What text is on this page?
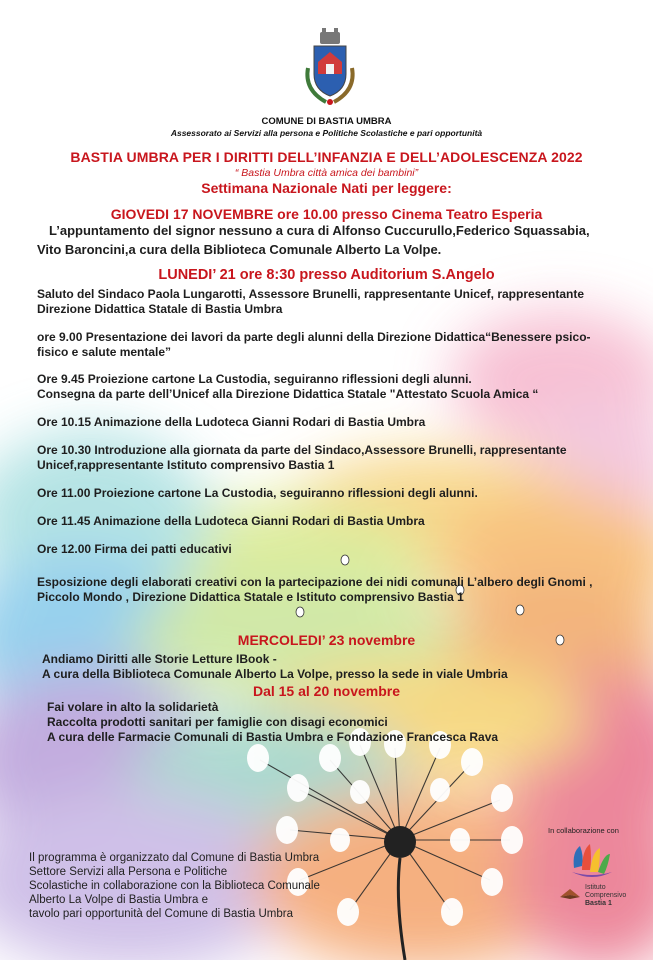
COMUNE DI BASTIA UMBRA
Assessorato ai Servizi alla persona e Politiche Scolastiche e pari opportunità
BASTIA UMBRA PER I DIRITTI DELL’INFANZIA E DELL’ADOLESCENZA 2022
“ Bastia Umbra città amica dei bambini”
Settimana Nazionale Nati per leggere:
GIOVEDI 17 NOVEMBRE ore 10.00 presso Cinema Teatro Esperia
L’appuntamento del signor nessuno a cura di Alfonso Cuccurullo,Federico Squassabia,
Vito Baroncini,a cura della Biblioteca Comunale Alberto La Volpe.
LUNEDI’ 21 ore 8:30 presso Auditorium S.Angelo
Saluto del Sindaco Paola Lungarotti, Assessore Brunelli, rappresentante Unicef, rappresentante
Direzione Didattica Statale di Bastia Umbra
ore 9.00 Presentazione dei lavori da parte degli alunni della Direzione Didattica“Benessere psico-
fisico e salute mentale”
Ore 9.45 Proiezione cartone La Custodia, seguiranno riflessioni degli alunni.
Consegna da parte dell’Unicef alla Direzione Didattica Statale "Attestato Scuola Amica “
Ore 10.15 Animazione della Ludoteca Gianni Rodari di Bastia Umbra
Ore 10.30 Introduzione alla giornata da parte del Sindaco,Assessore Brunelli, rappresentante
Unicef,rappresentante Istituto comprensivo Bastia 1
Ore 11.00 Proiezione cartone La Custodia, seguiranno riflessioni degli alunni.
Ore 11.45 Animazione della Ludoteca Gianni Rodari di Bastia Umbra
Ore 12.00 Firma dei patti educativi
Esposizione degli elaborati creativi con la partecipazione dei nidi comunali L’albero degli Gnomi ,
Piccolo Mondo , Direzione Didattica Statale e Istituto comprensivo Bastia 1
MERCOLEDI’ 23 novembre
Andiamo Diritti alle Storie Letture IBook -
A cura della Biblioteca Comunale Alberto La Volpe, presso la sede in viale Umbria
Dal 15 al 20 novembre
Fai volare in alto la solidarietà
Raccolta prodotti sanitari per famiglie con disagi economici
A cura delle Farmacie Comunali di Bastia Umbra e Fondazione Francesca Rava
Il programma è organizzato dal Comune di Bastia Umbra
Settore Servizi alla Persona e Politiche
Scolastiche in collaborazione con la Biblioteca Comunale
Alberto La Volpe di Bastia Umbra e
tavolo pari opportunità del Comune di Bastia Umbra
In collaborazione con
Istituto
Comprensivo
Bastia 1
